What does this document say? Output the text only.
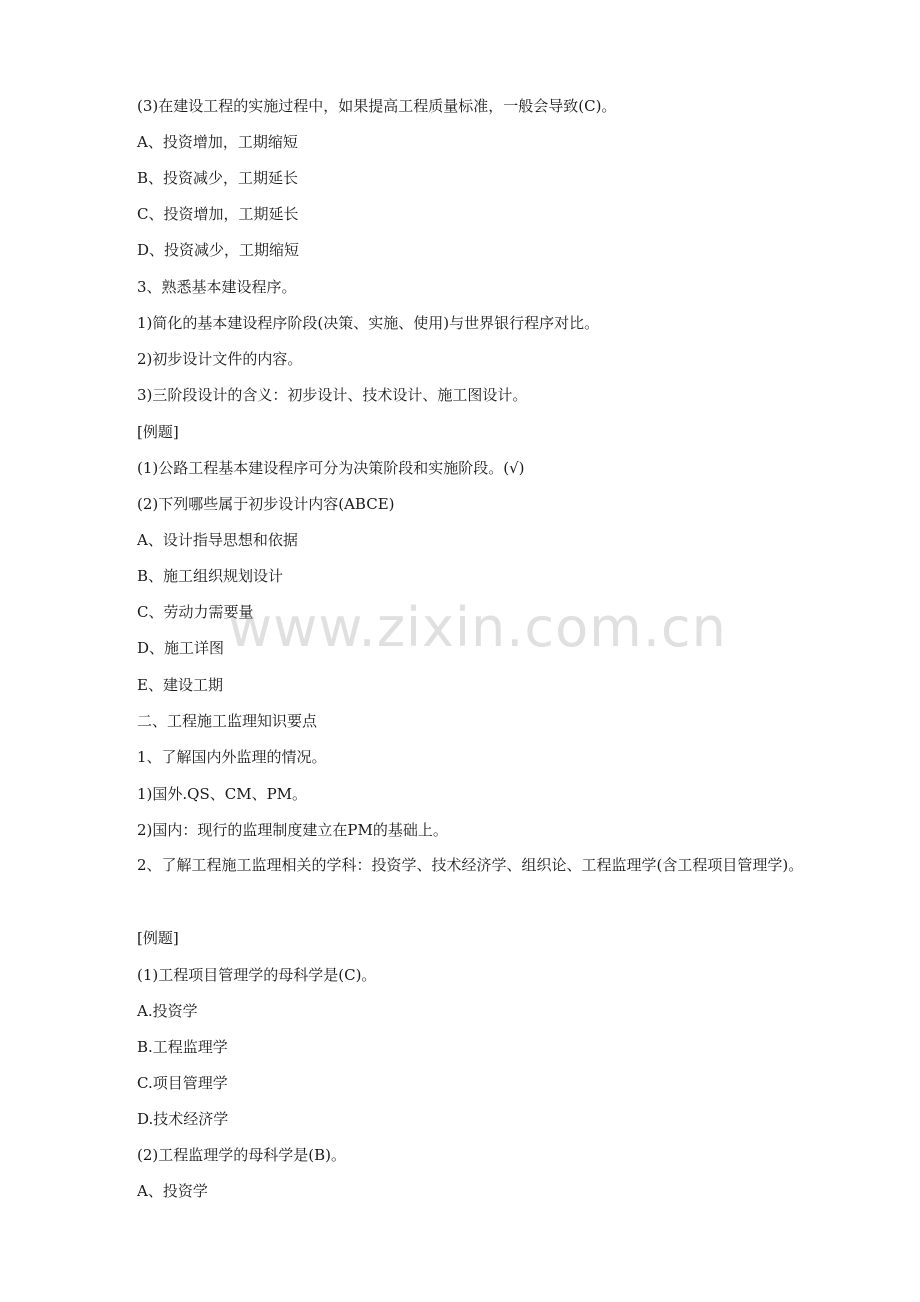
(3)在建设工程的实施过程中，如果提高工程质量标准，一般会导致(C)。
A、投资增加，工期缩短
B、投资减少，工期延长
C、投资增加，工期延长
D、投资减少，工期缩短
3、熟悉基本建设程序。
1)简化的基本建设程序阶段(决策、实施、使用)与世界银行程序对比。
2)初步设计文件的内容。
3)三阶段设计的含义：初步设计、技术设计、施工图设计。
[例题]
(1)公路工程基本建设程序可分为决策阶段和实施阶段。(√)
(2)下列哪些属于初步设计内容(ABCE)
A、设计指导思想和依据
B、施工组织规划设计
C、劳动力需要量
D、施工详图
E、建设工期
二、工程施工监理知识要点
1、了解国内外监理的情况。
1)国外.QS、CM、PM。
2)国内：现行的监理制度建立在PM的基础上。
2、了解工程施工监理相关的学科：投资学、技术经济学、组织论、工程监理学(含工程项目管理学)。
[例题]
(1)工程项目管理学的母科学是(C)。
A.投资学
B.工程监理学
C.项目管理学
D.技术经济学
(2)工程监理学的母科学是(B)。
A、投资学
www.zixin.com.cn
